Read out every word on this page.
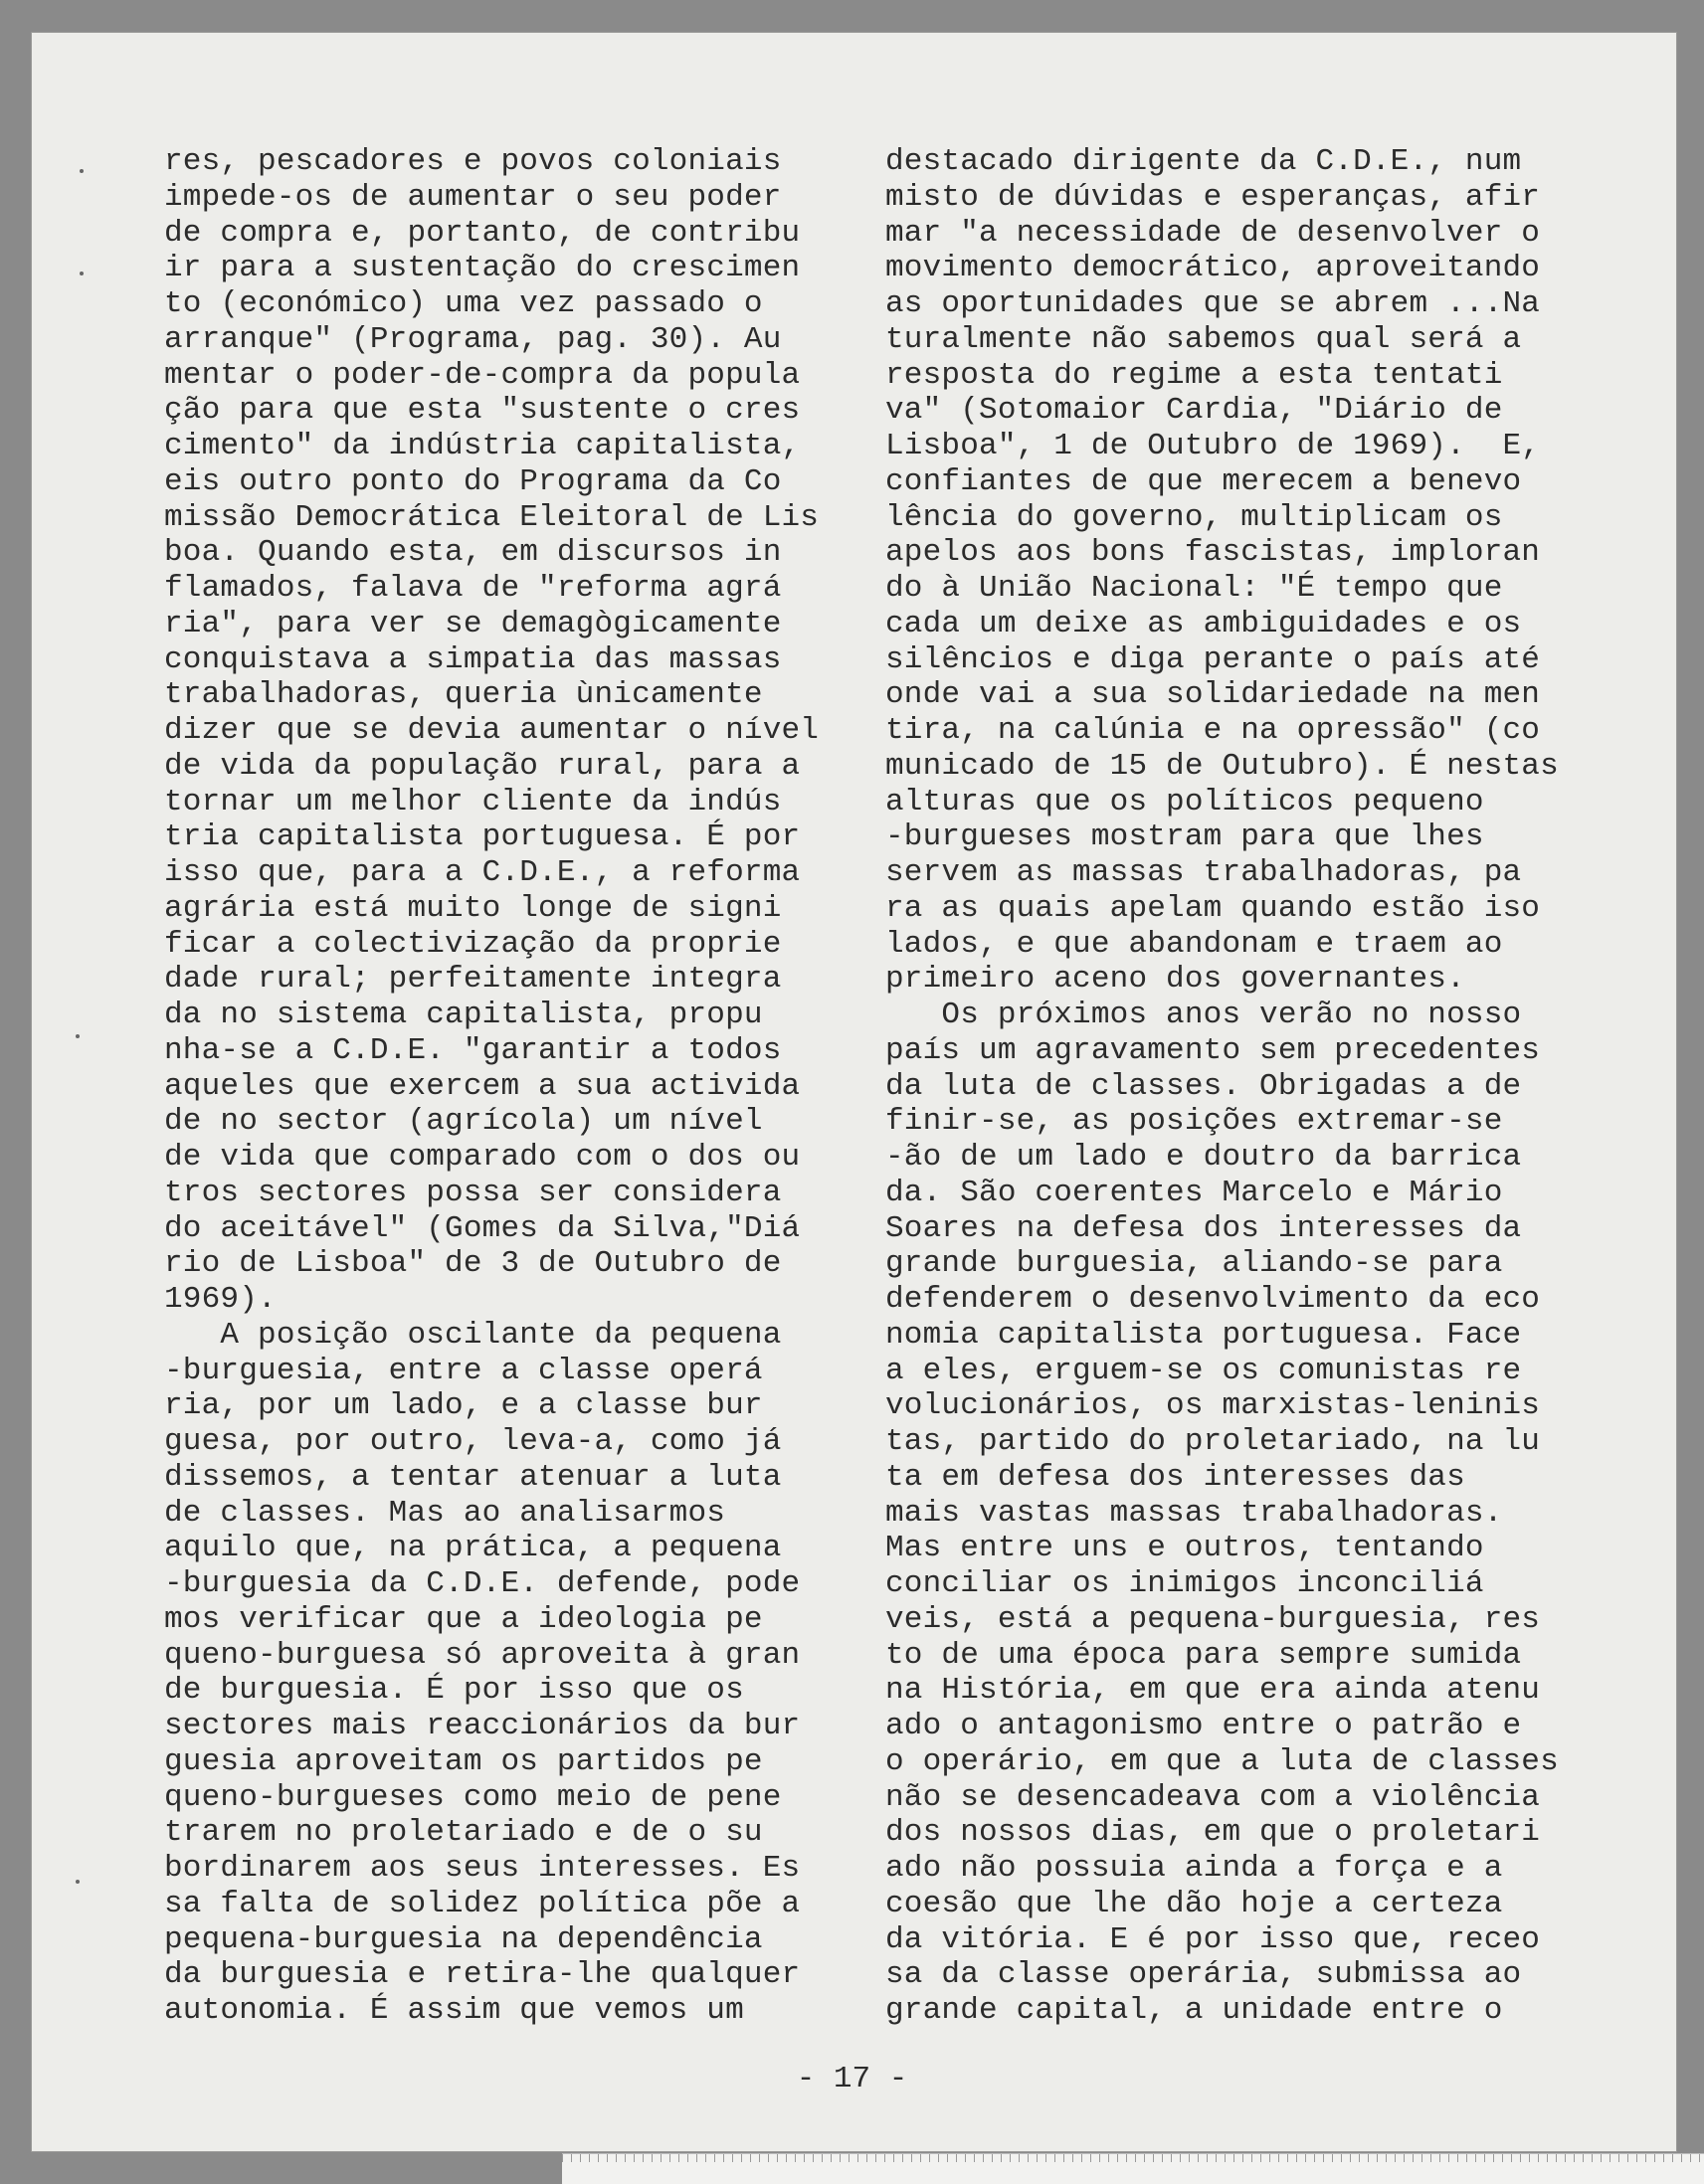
res, pescadores e povos coloniais
impede-os de aumentar o seu poder
de compra e, portanto, de contribu
ir para a sustentação do crescimen
to (económico) uma vez passado o
arranque" (Programa, pag. 30). Au
mentar o poder-de-compra da popula
ção para que esta "sustente o cres
cimento" da indústria capitalista,
eis outro ponto do Programa da Co
missão Democrática Eleitoral de Lis
boa. Quando esta, em discursos in
flamados, falava de "reforma agrá
ria", para ver se demagògicamente
conquistava a simpatia das massas
trabalhadoras, queria ùnicamente
dizer que se devia aumentar o nível
de vida da população rural, para a
tornar um melhor cliente da indús
tria capitalista portuguesa. É por
isso que, para a C.D.E., a reforma
agrária está muito longe de signi
ficar a colectivização da proprie
dade rural; perfeitamente integra
da no sistema capitalista, propu
nha-se a C.D.E. "garantir a todos
aqueles que exercem a sua activida
de no sector (agrícola) um nível
de vida que comparado com o dos ou
tros sectores possa ser considera
do aceitável" (Gomes da Silva,"Diá
rio de Lisboa" de 3 de Outubro de
1969).
A posição oscilante da pequena
-burguesia, entre a classe operá
ria, por um lado, e a classe bur
guesa, por outro, leva-a, como já
dissemos, a tentar atenuar a luta
de classes. Mas ao analisarmos
aquilo que, na prática, a pequena
-burguesia da C.D.E. defende, pode
mos verificar que a ideologia pe
queno-burguesa só aproveita à gran
de burguesia. É por isso que os
sectores mais reaccionários da bur
guesia aproveitam os partidos pe
queno-burgueses como meio de pene
trarem no proletariado e de o su
bordinarem aos seus interesses. Es
sa falta de solidez política põe a
pequena-burguesia na dependência
da burguesia e retira-lhe qualquer
autonomia. É assim que vemos um
destacado dirigente da C.D.E., num
misto de dúvidas e esperanças, afir
mar "a necessidade de desenvolver o
movimento democrático, aproveitando
as oportunidades que se abrem ...Na
turalmente não sabemos qual será a
resposta do regime a esta tentati
va" (Sotomaior Cardia, "Diário de
Lisboa", 1 de Outubro de 1969).  E,
confiantes de que merecem a benevo
lência do governo, multiplicam os
apelos aos bons fascistas, imploran
do à União Nacional: "É tempo que
cada um deixe as ambiguidades e os
silêncios e diga perante o país até
onde vai a sua solidariedade na men
tira, na calúnia e na opressão" (co
municado de 15 de Outubro). É nestas
alturas que os políticos pequeno
-burgueses mostram para que lhes
servem as massas trabalhadoras, pa
ra as quais apelam quando estão iso
lados, e que abandonam e traem ao
primeiro aceno dos governantes.
Os próximos anos verão no nosso
país um agravamento sem precedentes
da luta de classes. Obrigadas a de
finir-se, as posições extremar-se
-ão de um lado e doutro da barrica
da. São coerentes Marcelo e Mário
Soares na defesa dos interesses da
grande burguesia, aliando-se para
defenderem o desenvolvimento da eco
nomia capitalista portuguesa. Face
a eles, erguem-se os comunistas re
volucionários, os marxistas-leninis
tas, partido do proletariado, na lu
ta em defesa dos interesses das
mais vastas massas trabalhadoras.
Mas entre uns e outros, tentando
conciliar os inimigos inconciliá
veis, está a pequena-burguesia, res
to de uma época para sempre sumida
na História, em que era ainda atenu
ado o antagonismo entre o patrão e
o operário, em que a luta de classes
não se desencadeava com a violência
dos nossos dias, em que o proletari
ado não possuia ainda a força e a
coesão que lhe dão hoje a certeza
da vitória. E é por isso que, receo
sa da classe operária, submissa ao
grande capital, a unidade entre o
- 17 -
